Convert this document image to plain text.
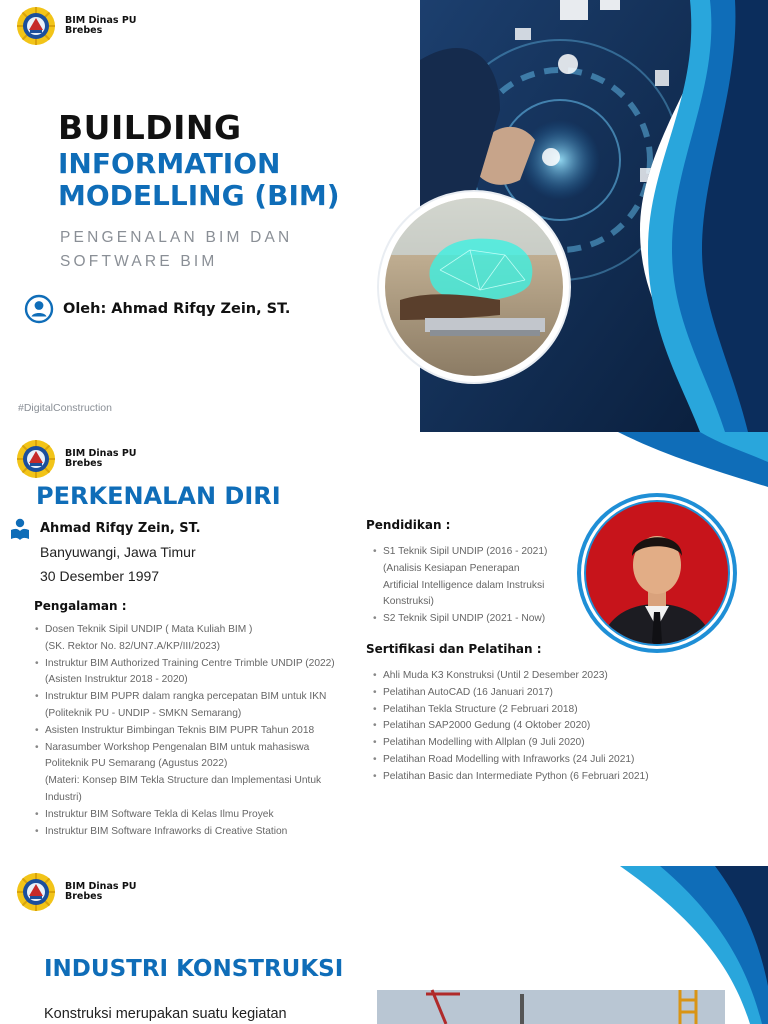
BIM Dinas PU Brebes
BUILDING
INFORMATION MODELLING (BIM)
PENGENALAN BIM DAN SOFTWARE BIM
Oleh: Ahmad Rifqy Zein, ST.
#DigitalConstruction
BIM Dinas PU Brebes
PERKENALAN DIRI
Ahmad Rifqy Zein, ST.
Banyuwangi, Jawa Timur
30 Desember 1997
Pengalaman :
• Dosen Teknik Sipil UNDIP ( Mata Kuliah BIM )
(SK. Rektor No. 82/UN7.A/KP/III/2023)
• Instruktur BIM Authorized Training Centre Trimble UNDIP (2022)
(Asisten Instruktur 2018 - 2020)
• Instruktur BIM PUPR dalam rangka percepatan BIM untuk IKN
(Politeknik PU - UNDIP - SMKN Semarang)
• Asisten Instruktur Bimbingan Teknis BIM PUPR Tahun 2018
• Narasumber Workshop Pengenalan BIM untuk mahasiswa
Politeknik PU Semarang (Agustus 2022)
(Materi: Konsep BIM Tekla Structure dan Implementasi Untuk
Industri)
• Instruktur BIM Software Tekla di Kelas Ilmu Proyek
• Instruktur BIM Software Infraworks di Creative Station
Pendidikan :
• S1 Teknik Sipil UNDIP (2016 - 2021)
(Analisis Kesiapan Penerapan
Artificial Intelligence dalam Instruksi
Konstruksi)
• S2 Teknik Sipil UNDIP (2021 - Now)
Sertifikasi dan Pelatihan :
• Ahli Muda K3 Konstruksi (Until 2 Desember 2023)
• Pelatihan AutoCAD (16 Januari 2017)
• Pelatihan Tekla Structure (2 Februari 2018)
• Pelatihan SAP2000 Gedung (4 Oktober 2020)
• Pelatihan Modelling with Allplan (9 Juli 2020)
• Pelatihan Road Modelling with Infraworks (24 Juli 2021)
• Pelatihan Basic dan Intermediate Python (6 Februari 2021)
BIM Dinas PU Brebes
INDUSTRI KONSTRUKSI
Konstruksi merupakan suatu kegiatan
